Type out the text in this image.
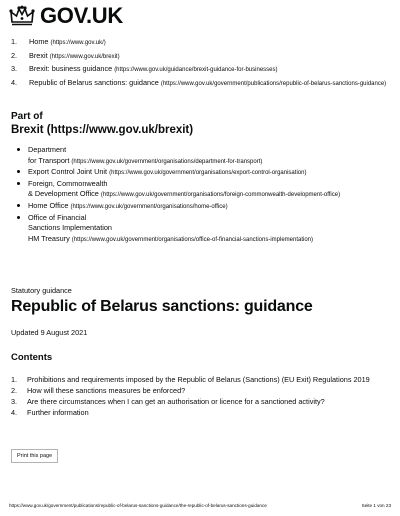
GOV.UK
1.	Home (https://www.gov.uk/)
2.	Brexit (https://www.gov.uk/brexit)
3.	Brexit: business guidance (https://www.gov.uk/guidance/brexit-guidance-for-businesses)
4.	Republic of Belarus sanctions: guidance (https://www.gov.uk/government/publications/republic-of-belarus-sanctions-guidance)
Part of
Brexit (https://www.gov.uk/brexit)
Department
for Transport (https://www.gov.uk/government/organisations/department-for-transport)
Export Control Joint Unit (https://www.gov.uk/government/organisations/export-control-organisation)
Foreign, Commonwealth
& Development Office (https://www.gov.uk/government/organisations/foreign-commonwealth-development-office)
Home Office (https://www.gov.uk/government/organisations/home-office)
Office of Financial
Sanctions Implementation
HM Treasury (https://www.gov.uk/government/organisations/office-of-financial-sanctions-implementation)
Statutory guidance
Republic of Belarus sanctions: guidance
Updated 9 August 2021
Contents
1.	Prohibitions and requirements imposed by the Republic of Belarus (Sanctions) (EU Exit) Regulations 2019
2.	How will these sanctions measures be enforced?
3.	Are there circumstances when I can get an authorisation or licence for a sanctioned activity?
4.	Further information
Print this page
https://www.gov.uk/government/publications/republic-of-belarus-sanctions-guidance/the-republic-of-belarus-sanctions-guidance	Seite 1 von 23
